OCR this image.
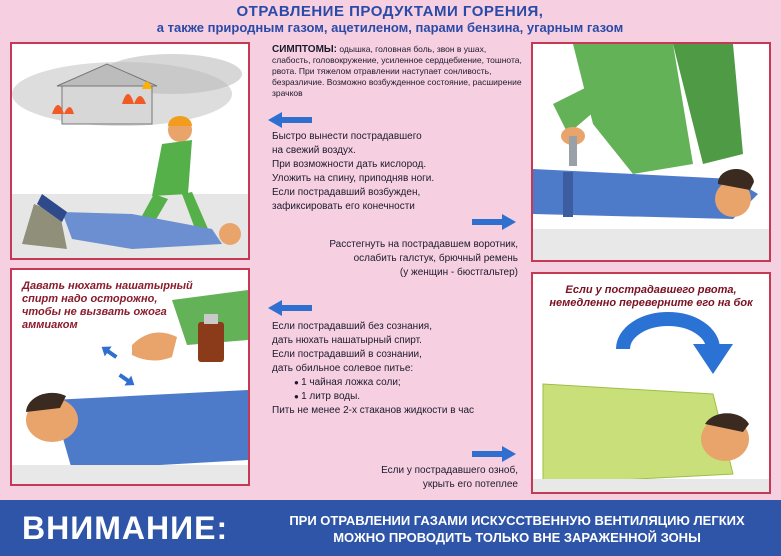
ОТРАВЛЕНИЕ ПРОДУКТАМИ ГОРЕНИЯ,
а также природным газом, ацетиленом, парами бензина, угарным газом
СИМПТОМЫ: одышка, головная боль, звон в ушах, слабость, головокружение, усиленное сердцебиение, тошнота, рвота. При тяжелом отравлении наступает сонливость, безразличие. Возможно возбужденное состояние, расширение зрачков
Быстро вынести пострадавшего
на свежий воздух.
При возможности дать кислород.
Уложить на спину, приподняв ноги.
Если пострадавший возбужден,
зафиксировать его конечности
Расстегнуть на пострадавшем воротник,
ослабить галстук, брючный ремень
(у женщин - бюстгальтер)
Давать нюхать нашатырный
спирт надо осторожно,
чтобы не вызвать ожога
аммиаком	Если пострадавший без сознания,
дать нюхать нашатырный спирт.
Если пострадавший в сознании,
дать обильное солевое питье:
● 1 чайная ложка соли;
● 1 литр воды.
Пить не менее 2-х стаканов жидкости в час
Если у пострадавшего озноб,
укрыть его потеплее
Если у пострадавшего рвота,
немедленно переверните его на бок
ВНИМАНИЕ:	ПРИ ОТРАВЛЕНИИ ГАЗАМИ ИСКУССТВЕННУЮ ВЕНТИЛЯЦИЮ ЛЕГКИХ
МОЖНО ПРОВОДИТЬ ТОЛЬКО ВНЕ ЗАРАЖЕННОЙ ЗОНЫ
